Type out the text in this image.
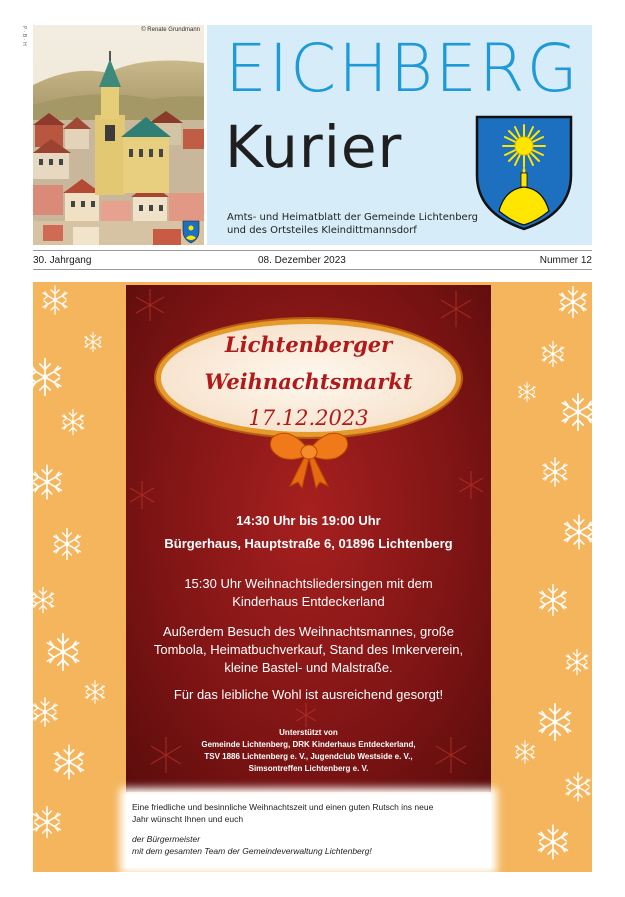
P · B · H	© Renate Grundmann EICHBERG
Kurier
Amts- und Heimatblatt der Gemeinde Lichtenberg
und des Ortsteiles Kleindittmannsdorf
30. Jahrgang	08. Dezember 2023	Nummer 12
Lichtenberger
Weihnachtsmarkt
17.12.2023
14:30 Uhr bis 19:00 Uhr
Bürgerhaus, Hauptstraße 6, 01896 Lichtenberg
15:30 Uhr Weihnachtsliedersingen mit dem
Kinderhaus Entdeckerland
Außerdem Besuch des Weihnachtsmannes, große
Tombola, Heimatbuchverkauf, Stand des Imkerverein,
kleine Bastel- und Malstraße.
Für das leibliche Wohl ist ausreichend gesorgt!
Unterstützt von
Gemeinde Lichtenberg, DRK Kinderhaus Entdeckerland,
TSV 1886 Lichtenberg e. V., Jugendclub Westside e. V.,
Simsontreffen Lichtenberg e. V.
Eine friedliche und besinnliche Weihnachtszeit und einen guten Rutsch ins neue
Jahr wünscht Ihnen und euch
der Bürgermeister
mit dem gesamten Team der Gemeindeverwaltung Lichtenberg!
